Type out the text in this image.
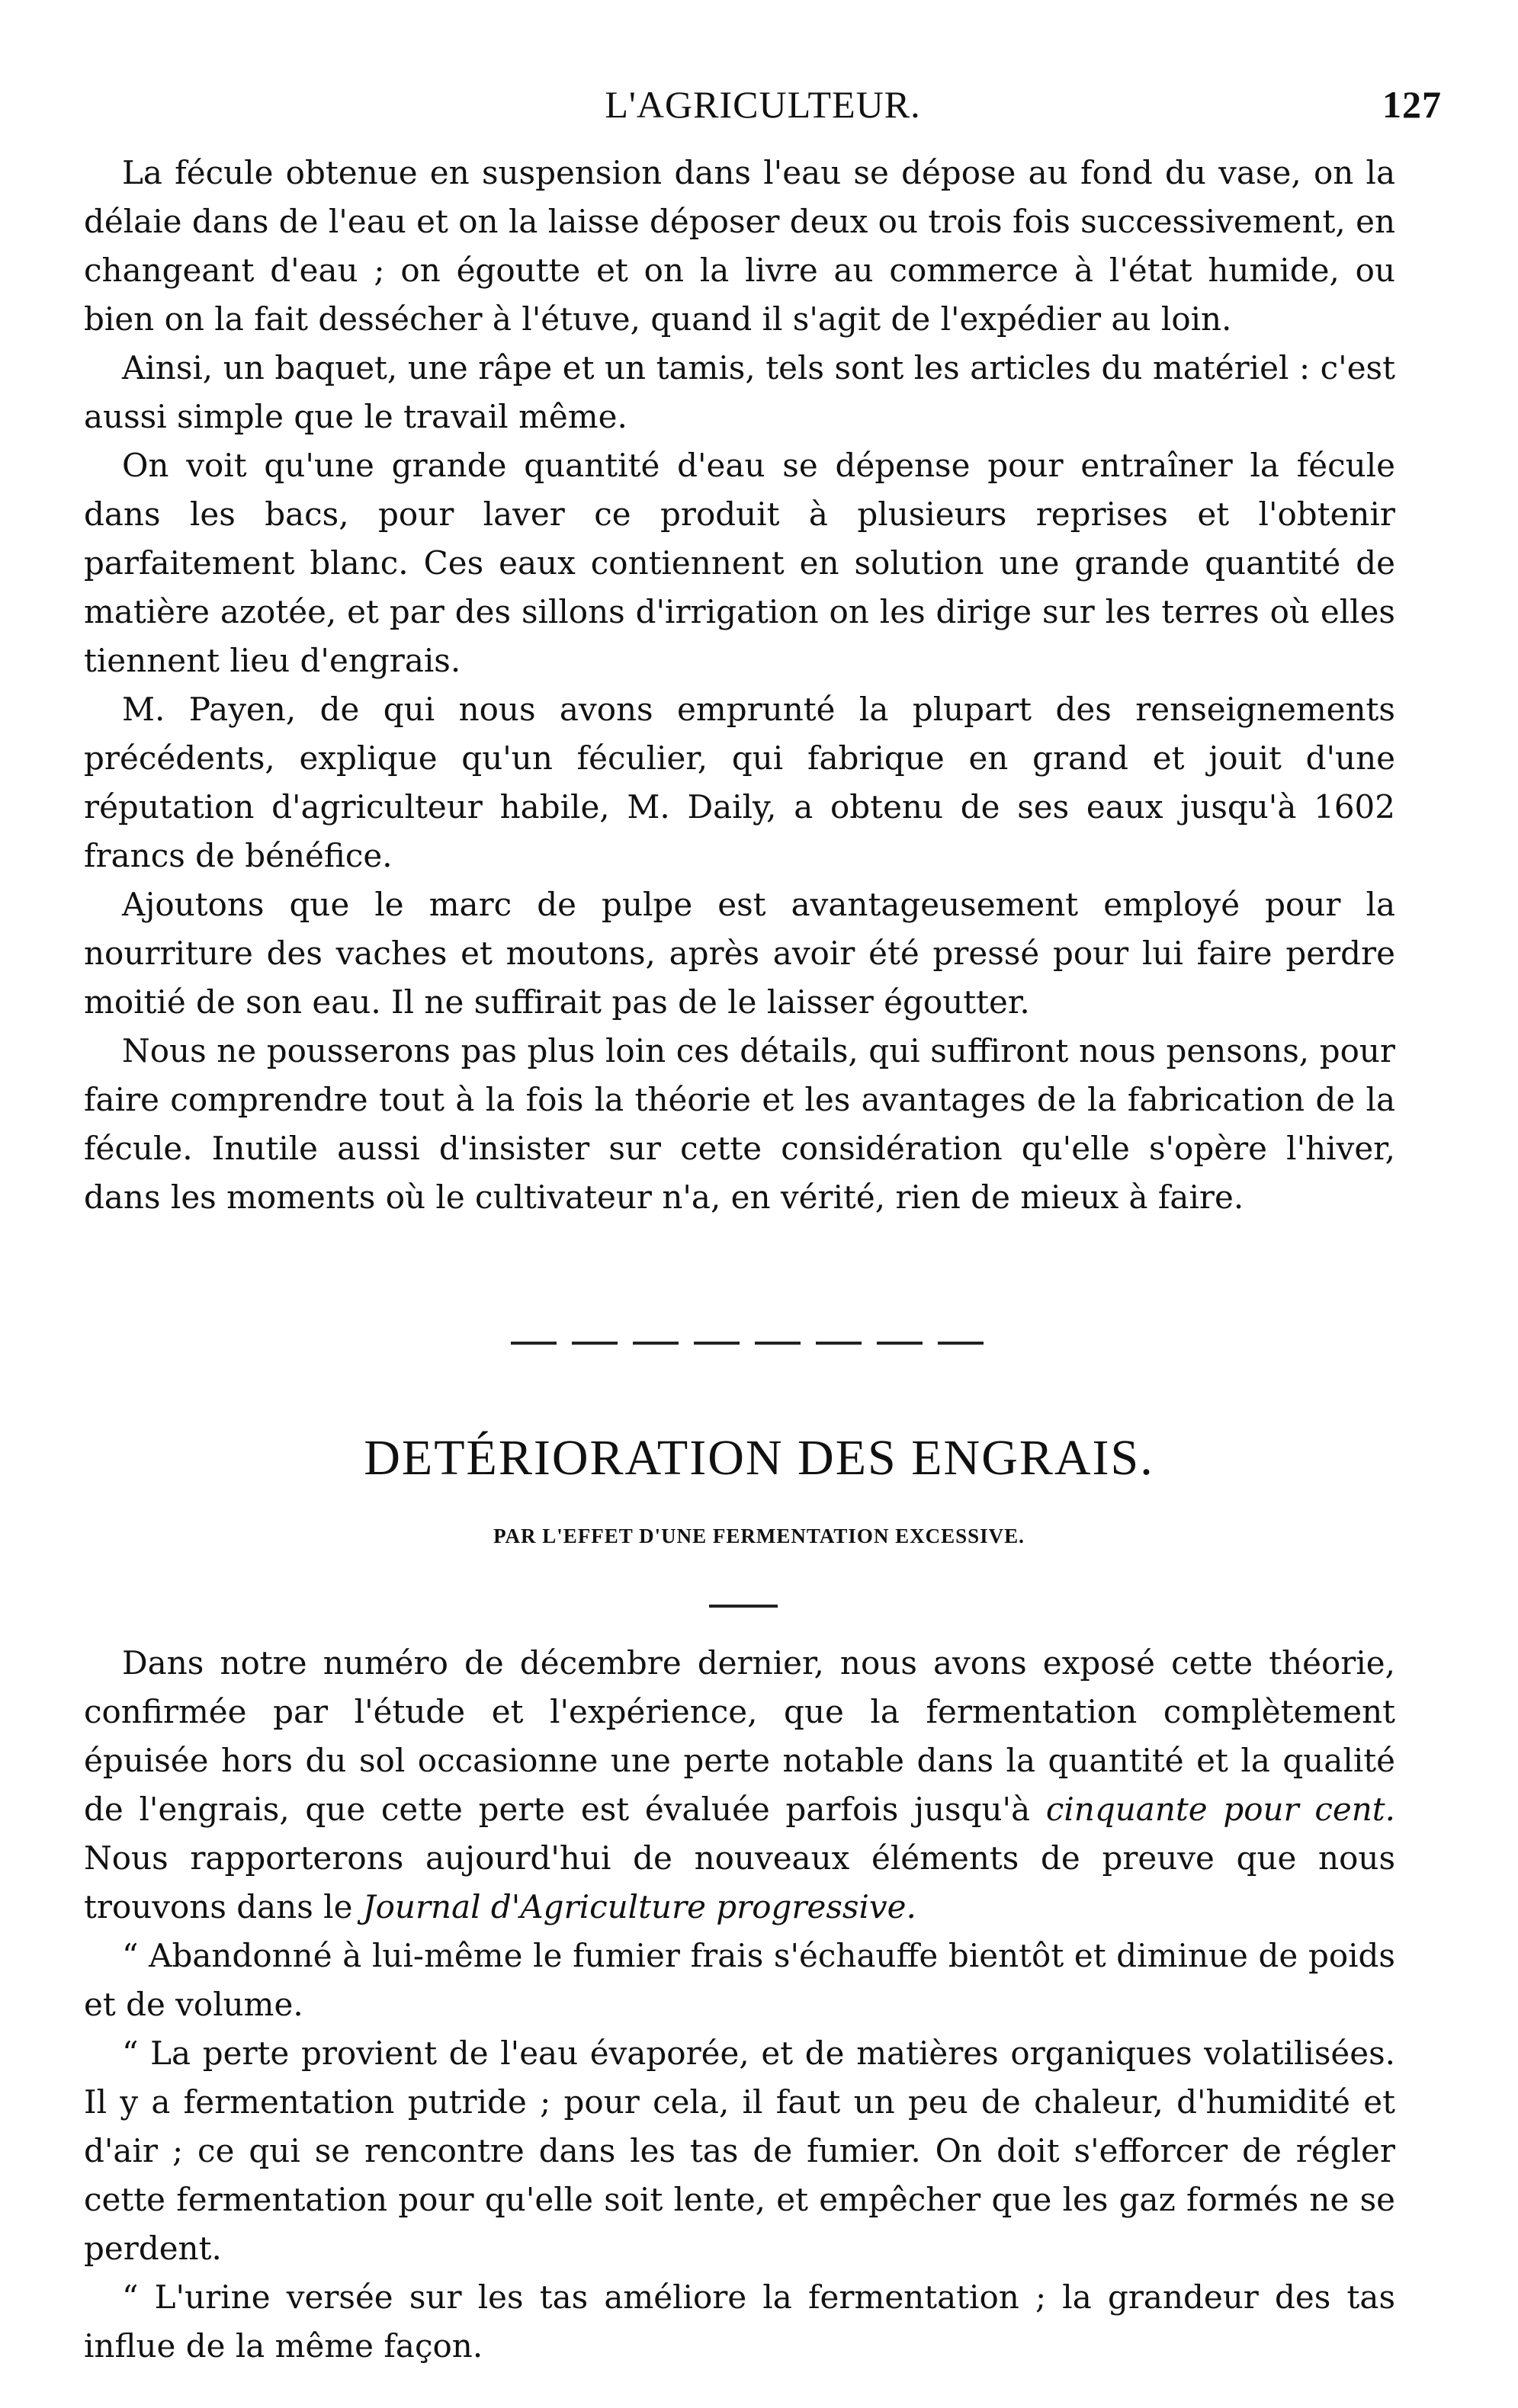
L'AGRICULTEUR.	127

La fécule obtenue en suspension dans l'eau se dépose au fond du vase, on la délaie dans de l'eau et on la laisse déposer deux ou trois fois successivement, en changeant d'eau ; on égoutte et on la livre au commerce à l'état humide, ou bien on la fait dessécher à l'étuve, quand il s'agit de l'expédier au loin.

Ainsi, un baquet, une râpe et un tamis, tels sont les articles du matériel : c'est aussi simple que le travail même.

On voit qu'une grande quantité d'eau se dépense pour entraîner la fécule dans les bacs, pour laver ce produit à plusieurs reprises et l'obtenir parfaitement blanc. Ces eaux contiennent en solution une grande quantité de matière azotée, et par des sillons d'irrigation on les dirige sur les terres où elles tiennent lieu d'engrais.

M. Payen, de qui nous avons emprunté la plupart des renseignements précédents, explique qu'un féculier, qui fabrique en grand et jouit d'une réputation d'agriculteur habile, M. Daily, a obtenu de ses eaux jusqu'à 1602 francs de bénéfice.

Ajoutons que le marc de pulpe est avantageusement employé pour la nourriture des vaches et moutons, après avoir été pressé pour lui faire perdre moitié de son eau. Il ne suffirait pas de le laisser égoutter.

Nous ne pousserons pas plus loin ces détails, qui suffiront nous pensons, pour faire comprendre tout à la fois la théorie et les avantages de la fabrication de la fécule. Inutile aussi d'insister sur cette considération qu'elle s'opère l'hiver, dans les moments où le cultivateur n'a, en vérité, rien de mieux à faire.

DETÉRIORATION DES ENGRAIS.
PAR L'EFFET D'UNE FERMENTATION EXCESSIVE.

Dans notre numéro de décembre dernier, nous avons exposé cette théorie, confirmée par l'étude et l'expérience, que la fermentation complètement épuisée hors du sol occasionne une perte notable dans la quantité et la qualité de l'engrais, que cette perte est évaluée parfois jusqu'à cinquante pour cent. Nous rapporterons aujourd'hui de nouveaux éléments de preuve que nous trouvons dans le Journal d'Agriculture progressive.

“ Abandonné à lui-même le fumier frais s'échauffe bientôt et diminue de poids et de volume.

“ La perte provient de l'eau évaporée, et de matières organiques volatilisées. Il y a fermentation putride ; pour cela, il faut un peu de chaleur, d'humidité et d'air ; ce qui se rencontre dans les tas de fumier. On doit s'efforcer de régler cette fermentation pour qu'elle soit lente, et empêcher que les gaz formés ne se perdent.

“ L'urine versée sur les tas améliore la fermentation ; la grandeur des tas influe de la même façon.
